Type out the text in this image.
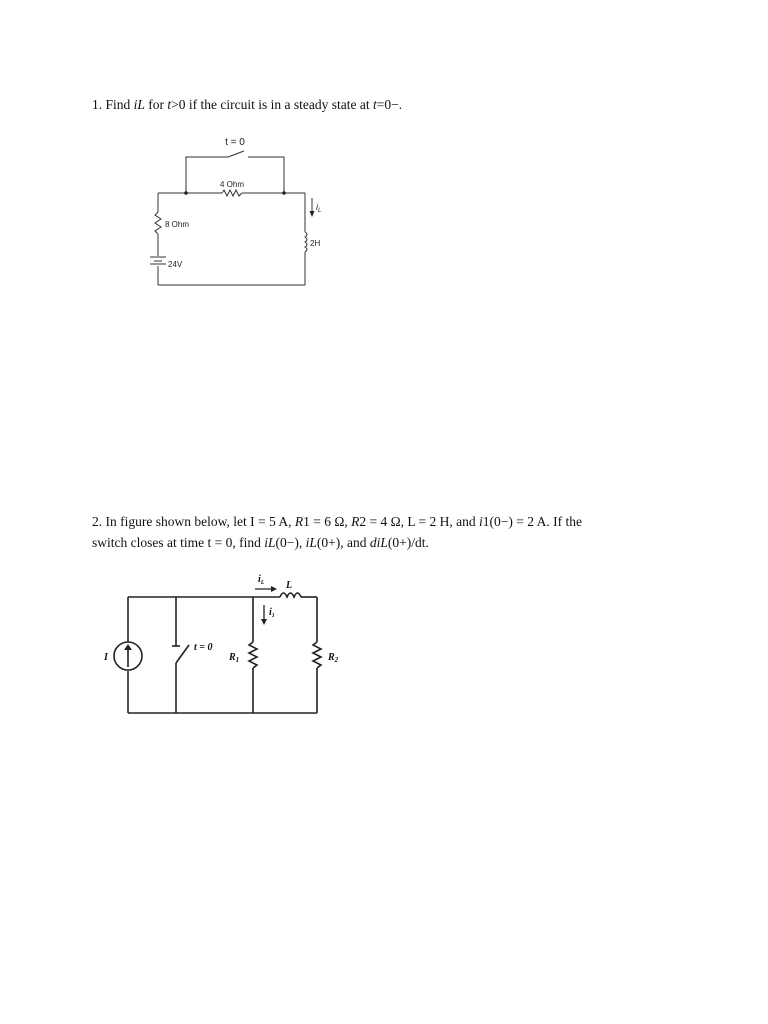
1. Find iL for t>0 if the circuit is in a steady state at t=0−.
t = 0
4 Ohm
8 Ohm
24V
2H
$i_L$
2. In figure shown below, let I = 5 A, R1 = 6 Ω, R2 = 4 Ω, L = 2 H, and i1(0−) = 2 A. If the
switch closes at time t = 0, find iL(0−), iL(0+), and diL(0+)/dt.
I
t = 0
$R_1$	$R_2$
L
$i_L$
$i_1$
